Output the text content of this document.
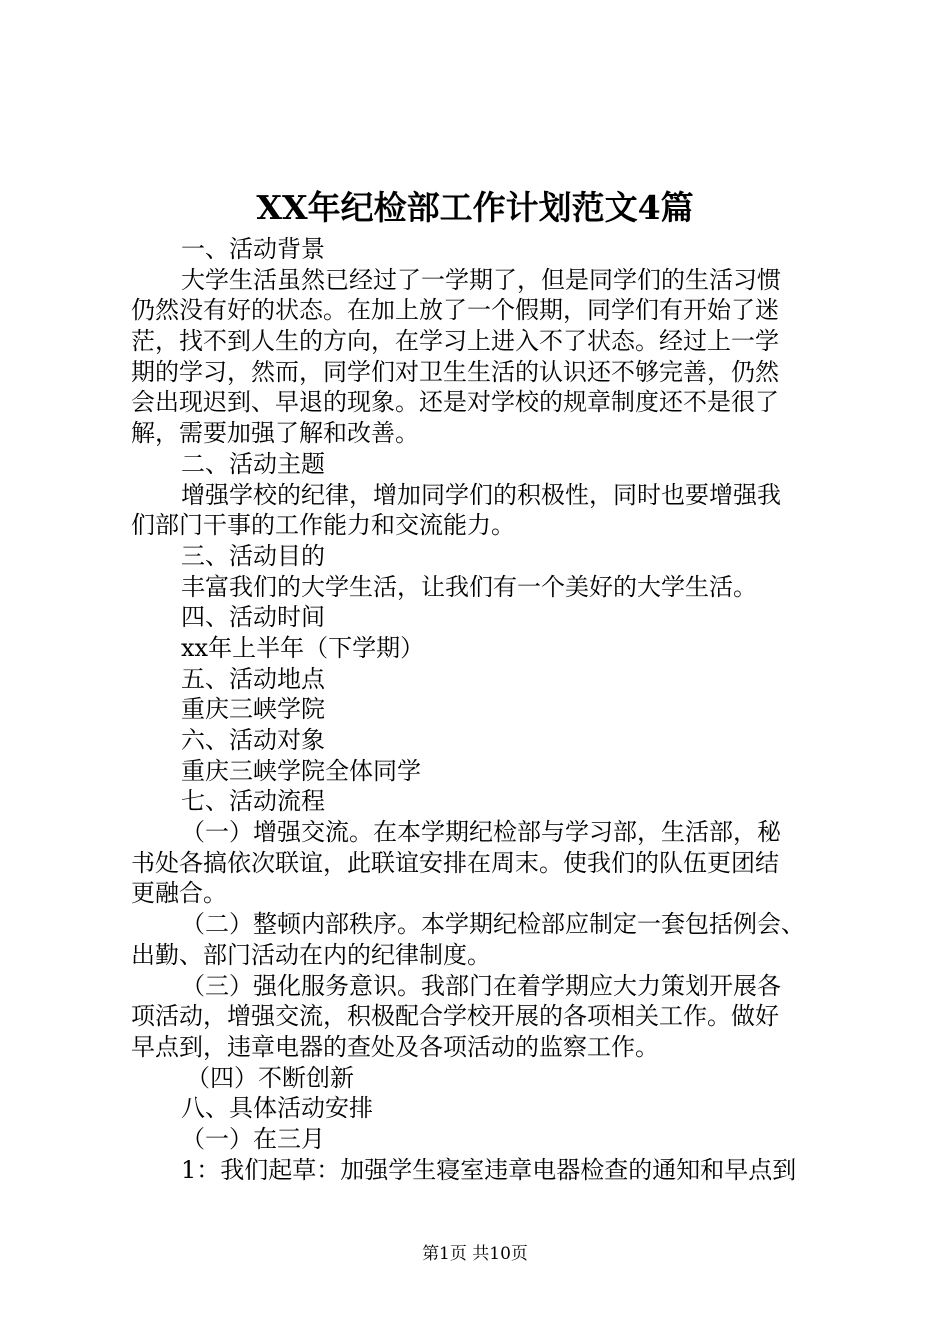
XX年纪检部工作计划范文4篇
一、活动背景
大学生活虽然已经过了一学期了，但是同学们的生活习惯
仍然没有好的状态。在加上放了一个假期，同学们有开始了迷
茫，找不到人生的方向，在学习上进入不了状态。经过上一学
期的学习，然而，同学们对卫生生活的认识还不够完善，仍然
会出现迟到、早退的现象。还是对学校的规章制度还不是很了
解，需要加强了解和改善。
二、活动主题
增强学校的纪律，增加同学们的积极性，同时也要增强我
们部门干事的工作能力和交流能力。
三、活动目的
丰富我们的大学生活，让我们有一个美好的大学生活。
四、活动时间
xx年上半年（下学期）
五、活动地点
重庆三峡学院
六、活动对象
重庆三峡学院全体同学
七、活动流程
（一）增强交流。在本学期纪检部与学习部，生活部，秘
书处各搞依次联谊，此联谊安排在周末。使我们的队伍更团结
更融合。
（二）整顿内部秩序。本学期纪检部应制定一套包括例会、
出勤、部门活动在内的纪律制度。
（三）强化服务意识。我部门在着学期应大力策划开展各
项活动，增强交流，积极配合学校开展的各项相关工作。做好
早点到，违章电器的查处及各项活动的监察工作。
（四）不断创新
八、具体活动安排
（一）在三月
1：我们起草：加强学生寝室违章电器检查的通知和早点到
第1页 共10页
